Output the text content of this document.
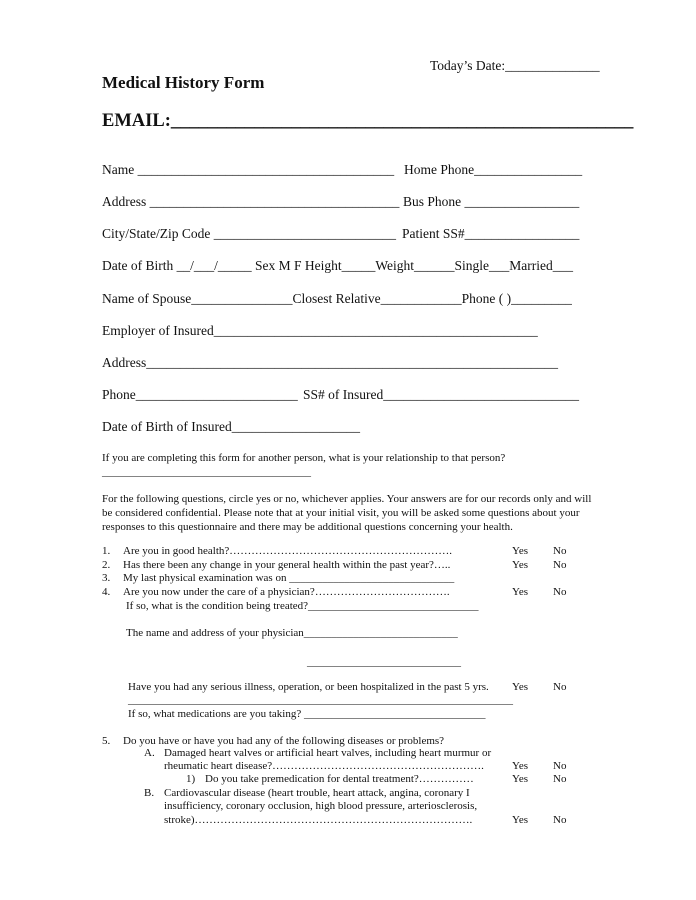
Today’s Date:______________
Medical History Form
EMAIL:__________________________________________________
Name ______________________________________ Home Phone________________
Address _____________________________________ Bus Phone _________________
City/State/Zip Code ___________________________ Patient SS#_________________
Date of Birth __/___/_____ Sex M F Height_____Weight______Single___Married___
Name of Spouse_______________Closest Relative____________Phone ( )_________
Employer of Insured________________________________________________
Address_____________________________________________________________
Phone________________________ SS# of Insured_____________________________
Date of Birth of Insured___________________
If you are completing this form for another person, what is your relationship to that person?
______________________________________
For the following questions, circle yes or no, whichever applies. Your answers are for our records only and will be considered confidential. Please note that at your initial visit, you will be asked some questions about your responses to this questionnaire and there may be additional questions concerning your health.
1. Are you in good health?…………………………………………………….	Yes No
2. Has there been any change in your general health within the past year?…..	Yes No
3. My last physical examination was on ______________________________
4. Are you now under the care of a physician?……………………………….	Yes No
If so, what is the condition being treated?_______________________________
The name and address of your physician____________________________
____________________________
Have you had any serious illness, operation, or been hospitalized in the past 5 yrs. Yes No
______________________________________________________________________
If so, what medications are you taking? _________________________________
5. Do you have or have you had any of the following diseases or problems?
A. Damaged heart valves or artificial heart valves, including heart murmur or
rheumatic heart disease?………………………………………………….	Yes No
1) Do you take premedication for dental treatment?……………	Yes No
B. Cardiovascular disease (heart trouble, heart attack, angina, coronary I
insufficiency, coronary occlusion, high blood pressure, arteriosclerosis,
stroke)………………………………………………………………….	Yes No
